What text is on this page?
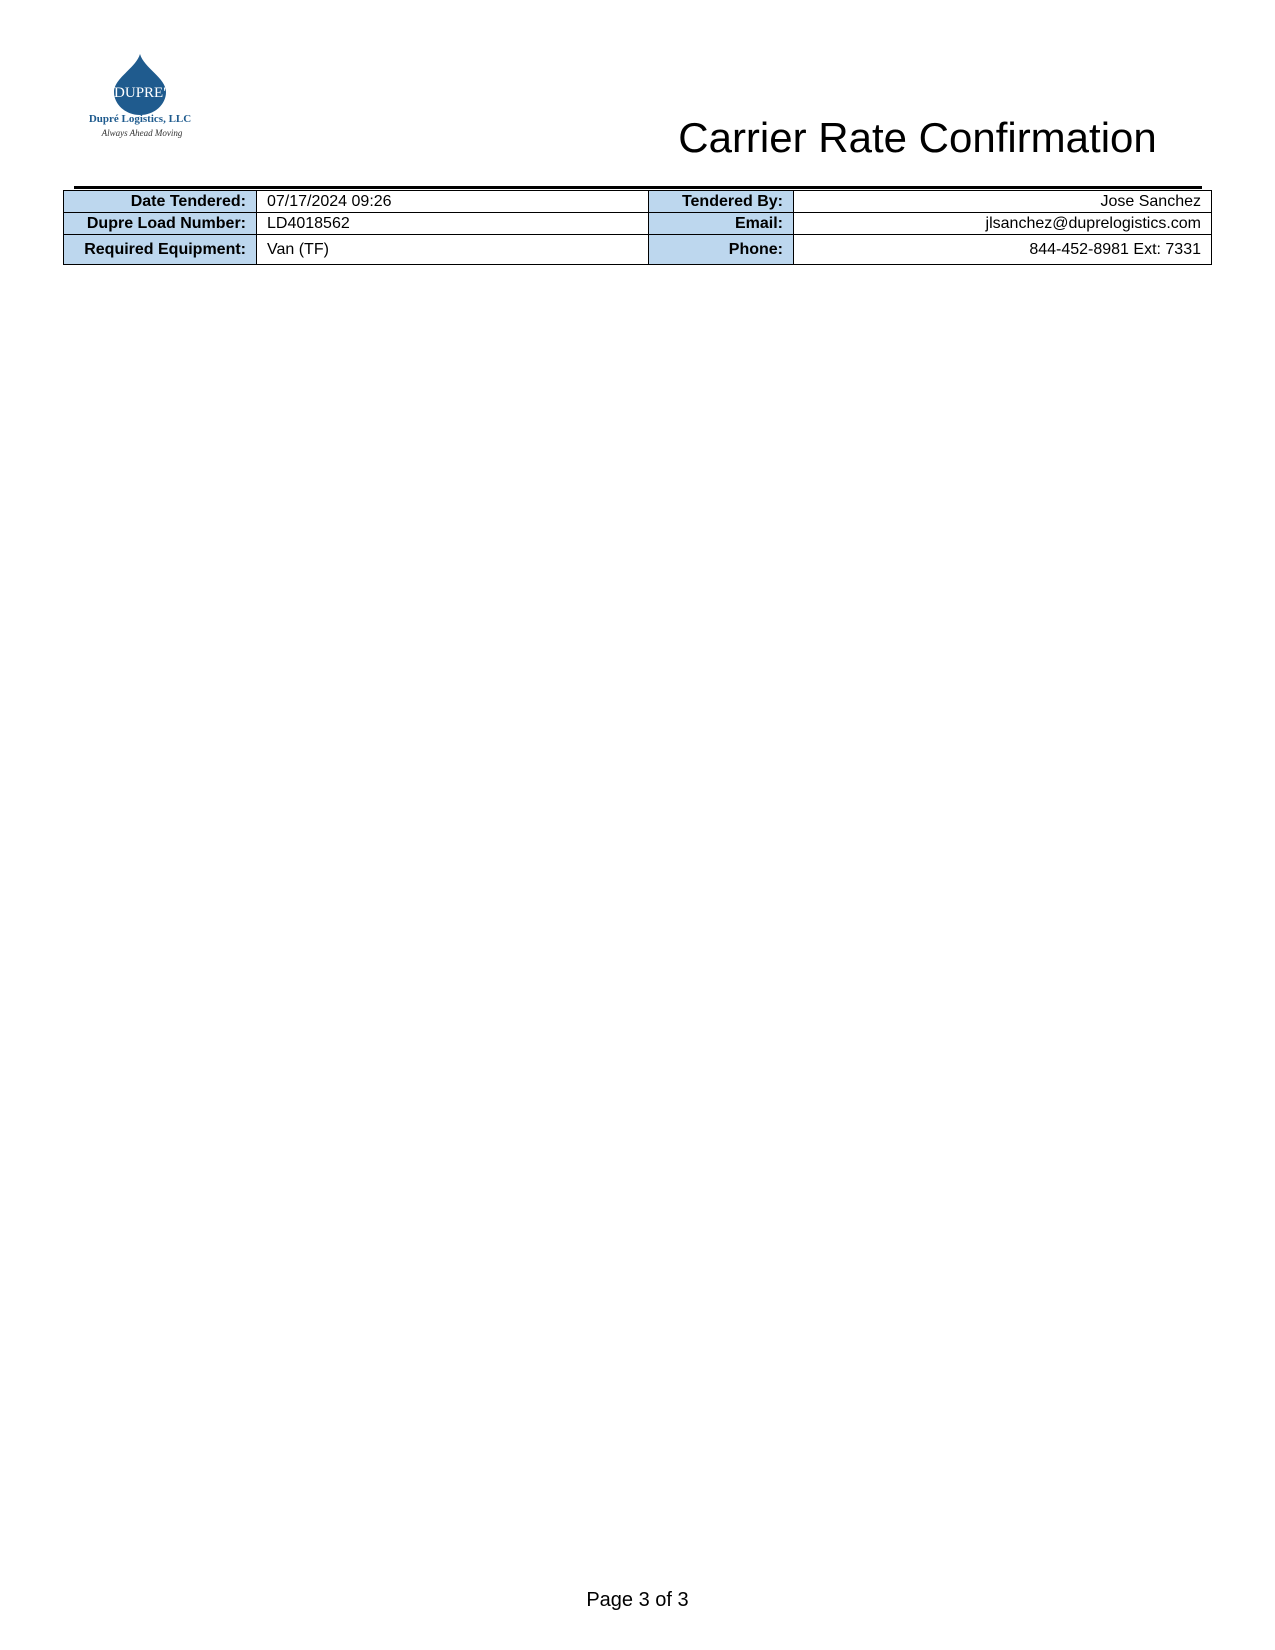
DUPRE'
Dupré Logistics, LLC
Always Ahead Moving	Carrier Rate Confirmation
Date Tendered:	07/17/2024 09:26	Tendered By:	Jose Sanchez
Dupre Load Number:	LD4018562	Email:	jlsanchez@duprelogistics.com
Required Equipment:	Van (TF)	Phone:	844-452-8981 Ext: 7331
Page 3 of 3
